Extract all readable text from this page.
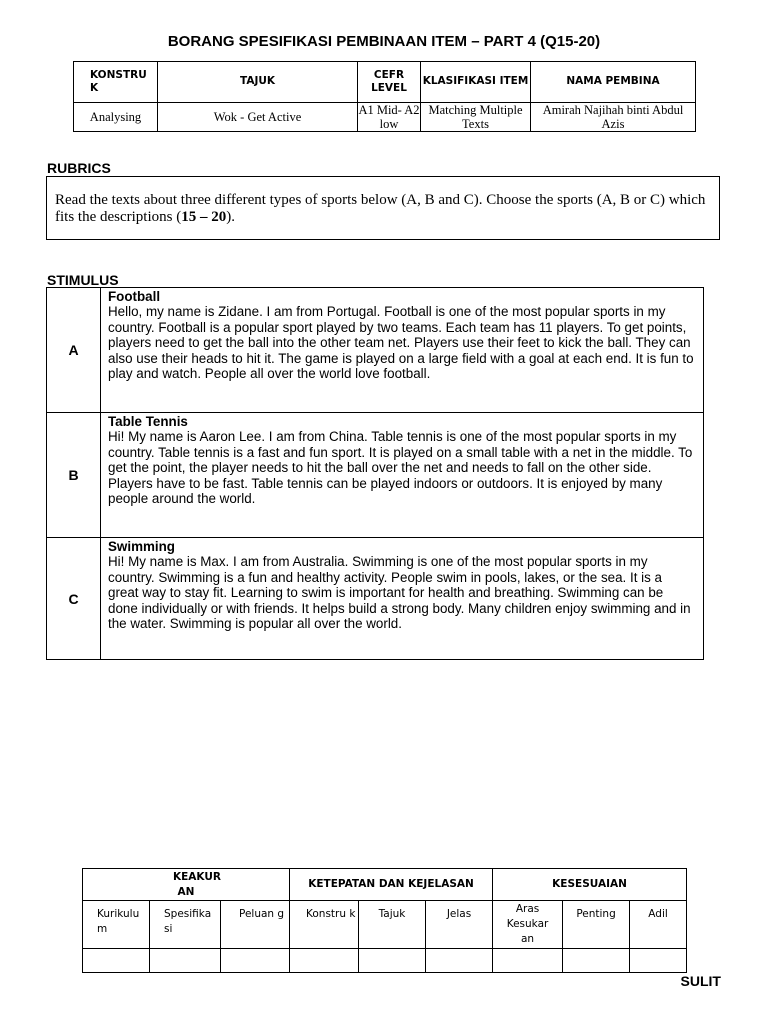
BORANG SPESIFIKASI PEMBINAAN ITEM – PART 4 (Q15-20)
KONSTRU K	TAJUK	CEFR LEVEL	KLASIFIKASI ITEM	NAMA PEMBINA
Analysing	Wok - Get Active	A1 Mid- A2 low	Matching Multiple Texts	Amirah Najihah binti Abdul Azis
RUBRICS
Read the texts about three different types of sports below (A, B and C). Choose the sports (A, B or C) which fits the descriptions (15 – 20).
STIMULUS
A	Football
Hello, my name is Zidane. I am from Portugal. Football is one of the most popular sports in my country. Football is a popular sport played by two teams. Each team has 11 players. To get points, players need to get the ball into the other team net. Players use their feet to kick the ball. They can also use their heads to hit it. The game is played on a large field with a goal at each end. It is fun to play and watch. People all over the world love football.
B	Table Tennis
Hi! My name is Aaron Lee. I am from China. Table tennis is one of the most popular sports in my country. Table tennis is a fast and fun sport. It is played on a small table with a net in the middle. To get the point, the player needs to hit the ball over the net and needs to fall on the other side. Players have to be fast. Table tennis can be played indoors or outdoors. It is enjoyed by many people around the world.
C	Swimming
Hi! My name is Max. I am from Australia. Swimming is one of the most popular sports in my country. Swimming is a fun and healthy activity. People swim in pools, lakes, or the sea. It is a great way to stay fit. Learning to swim is important for health and breathing. Swimming can be done individually or with friends. It helps build a strong body. Many children enjoy swimming and in the water. Swimming is popular all over the world.
KEAKUR AN			KETEPATAN DAN KEJELASAN			KESESUAIAN		
Kurikulu m	Spesifika si	Peluan g	Konstru k	Tajuk	Jelas	Aras Kesukar an	Penting	Adil

SULIT
